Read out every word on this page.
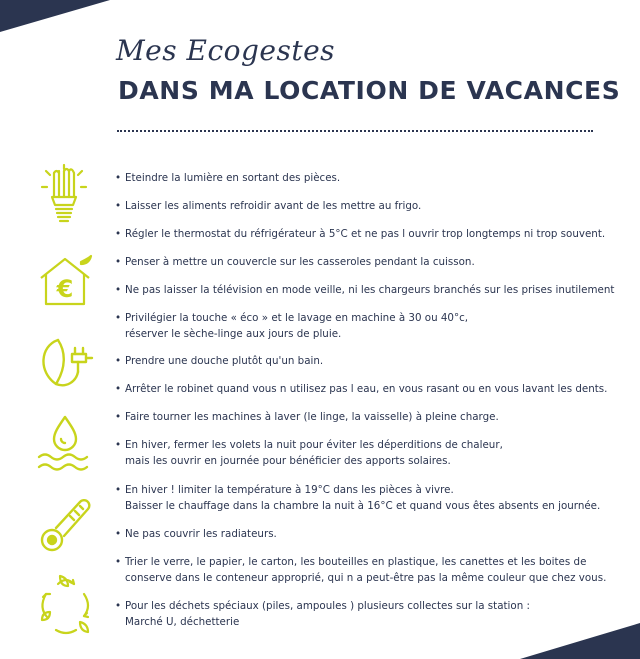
Mes Ecogestes
DANS MA LOCATION DE VACANCES
€
• Eteindre la lumière en sortant des pièces.
• Laisser les aliments refroidir avant de les mettre au frigo.
• Régler le thermostat du réfrigérateur à 5°C et ne pas l ouvrir trop longtemps ni trop souvent.
• Penser à mettre un couvercle sur les casseroles pendant la cuisson.
• Ne pas laisser la télévision en mode veille, ni les chargeurs branchés sur les prises inutilement
• Privilégier la touche « éco » et le lavage en machine à 30 ou 40°c,
réserver le sèche-linge aux jours de pluie.
• Prendre une douche plutôt qu'un bain.
• Arrêter le robinet quand vous n utilisez pas l eau, en vous rasant ou en vous lavant les dents.
• Faire tourner les machines à laver (le linge, la vaisselle) à pleine charge.
• En hiver, fermer les volets la nuit pour éviter les déperditions de chaleur,
mais les ouvrir en journée pour bénéficier des apports solaires.
• En hiver ! limiter la température à 19°C dans les pièces à vivre.
Baisser le chauffage dans la chambre la nuit à 16°C et quand vous êtes absents en journée.
• Ne pas couvrir les radiateurs.
• Trier le verre, le papier, le carton, les bouteilles en plastique, les canettes et les boites de
conserve dans le conteneur approprié, qui n a peut-être pas la même couleur que chez vous.
• Pour les déchets spéciaux (piles, ampoules ) plusieurs collectes sur la station :
Marché U, déchetterie
